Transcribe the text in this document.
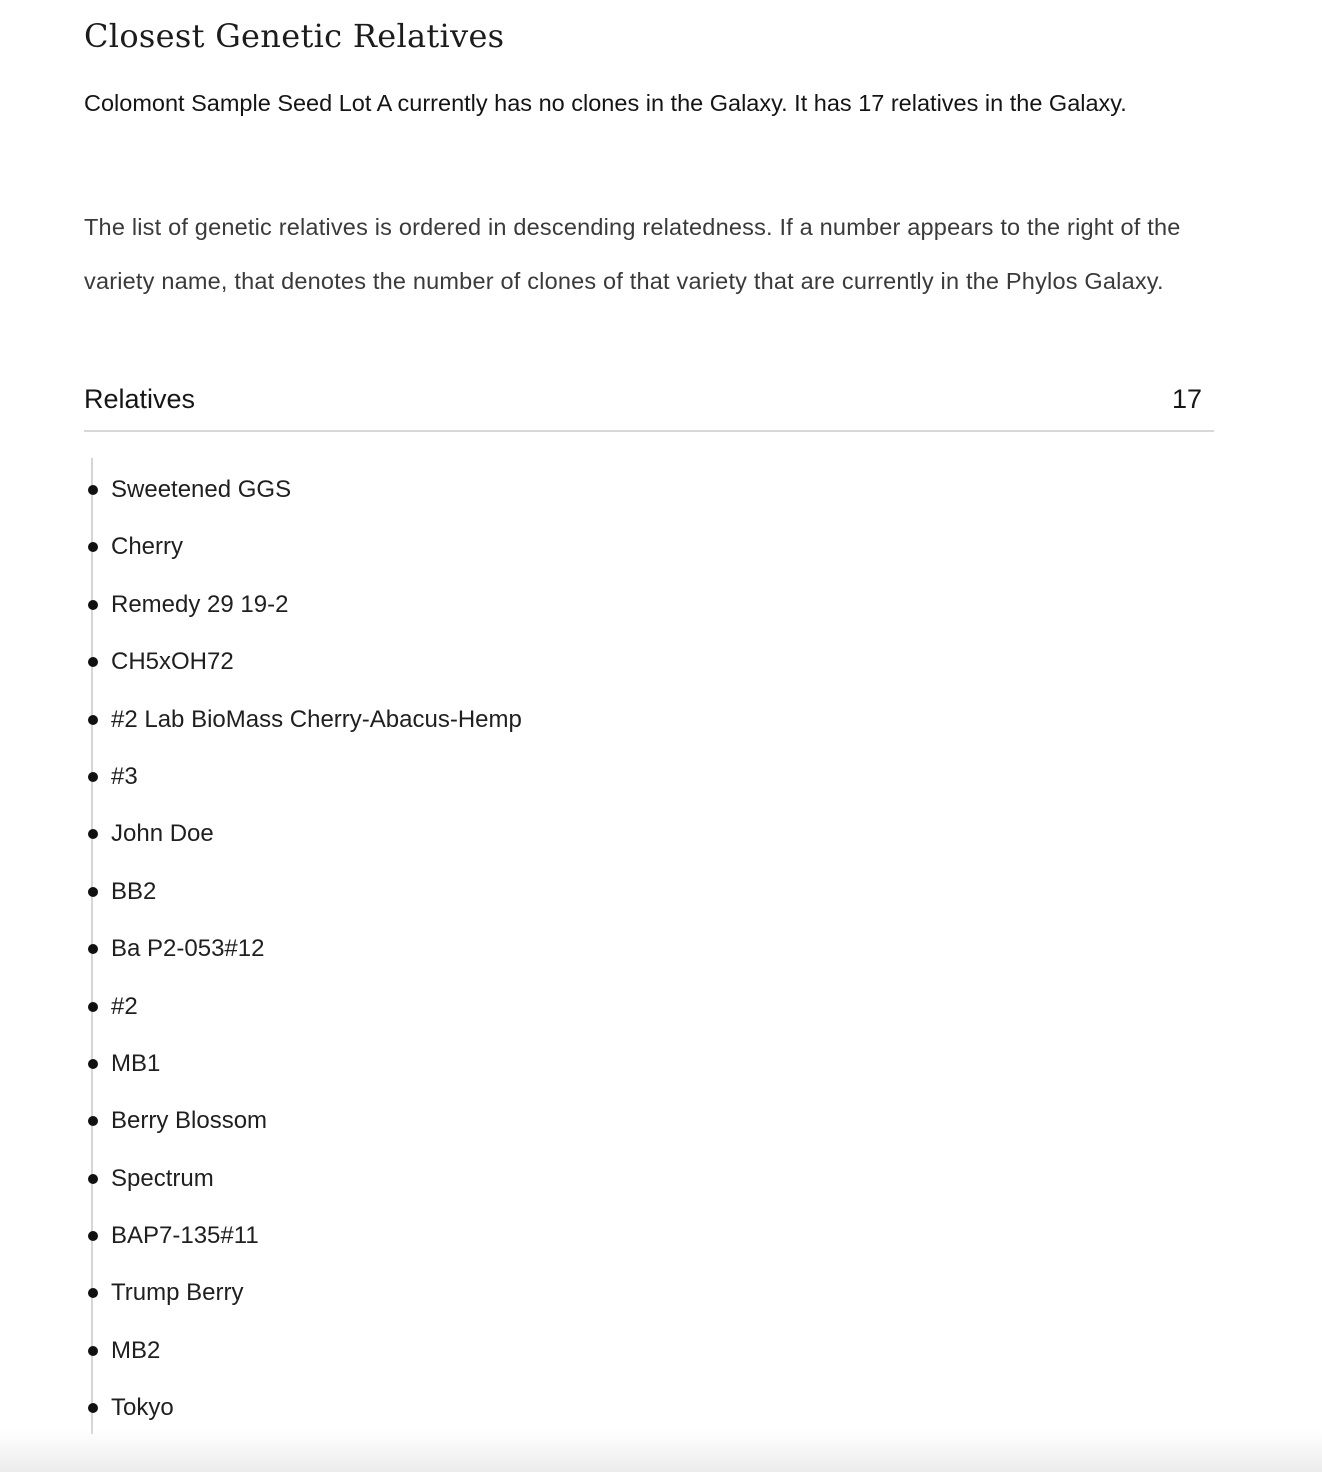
Closest Genetic Relatives

Colomont Sample Seed Lot A currently has no clones in the Galaxy. It has 17 relatives in the Galaxy.

The list of genetic relatives is ordered in descending relatedness. If a number appears to the right of the variety name, that denotes the number of clones of that variety that are currently in the Phylos Galaxy.

Relatives	17
Sweetened GGS
Cherry
Remedy 29 19-2
CH5xOH72
#2 Lab BioMass Cherry-Abacus-Hemp
#3
John Doe
BB2
Ba P2-053#12
#2
MB1
Berry Blossom
Spectrum
BAP7-135#11
Trump Berry
MB2
Tokyo
